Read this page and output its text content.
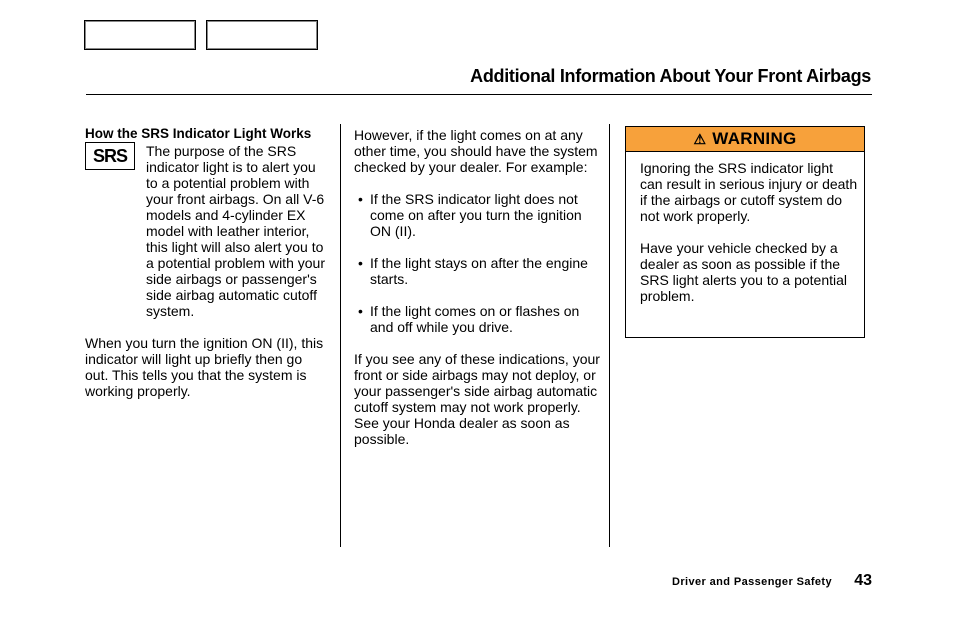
Additional Information About Your Front Airbags

How the SRS Indicator Light Works

SRS	The purpose of the SRS indicator light is to alert you to a potential problem with your front airbags. On all V-6 models and 4-cylinder EX model with leather interior, this light will also alert you to a potential problem with your side airbags or passenger's side airbag automatic cutoff system.

When you turn the ignition ON (II), this indicator will light up briefly then go out. This tells you that the system is working properly.

However, if the light comes on at any other time, you should have the system checked by your dealer. For example:

• If the SRS indicator light does not come on after you turn the ignition ON (II).
• If the light stays on after the engine starts.
• If the light comes on or flashes on and off while you drive.

If you see any of these indications, your front or side airbags may not deploy, or your passenger's side airbag automatic cutoff system may not work properly. See your Honda dealer as soon as possible.

⚠ WARNING

Ignoring the SRS indicator light can result in serious injury or death if the airbags or cutoff system do not work properly.

Have your vehicle checked by a dealer as soon as possible if the SRS light alerts you to a potential problem.

Driver and Passenger Safety 43
